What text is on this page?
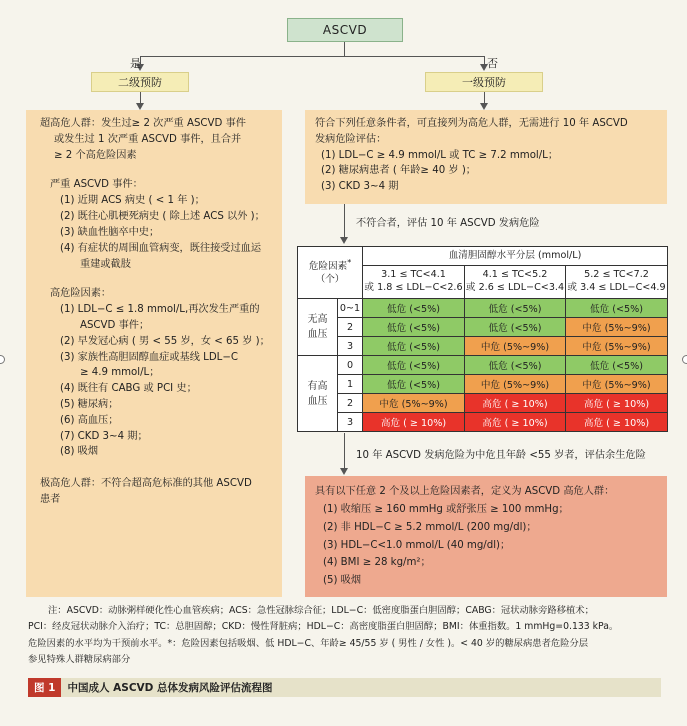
ASCVD
是	否
二级预防	一级预防

超高危人群：发生过≥ 2 次严重 ASCVD 事件

或发生过 1 次严重 ASCVD 事件，且合并

≥ 2 个高危险因素

严重 ASCVD 事件：

(1) 近期 ACS 病史 ( < 1 年 )；

(2) 既往心肌梗死病史 ( 除上述 ACS 以外 )；

(3) 缺血性脑卒中史；

(4) 有症状的周围血管病变，既往接受过血运

重建或截肢

高危险因素：

(1) LDL−C ≤ 1.8 mmol/L,再次发生严重的

ASCVD 事件；

(2) 早发冠心病 ( 男 < 55 岁，女 < 65 岁 )；

(3) 家族性高胆固醇血症或基线 LDL−C

≥ 4.9 mmol/L；

(4) 既往有 CABG 或 PCI 史；

(5) 糖尿病；

(6) 高血压；

(7) CKD 3~4 期；

(8) 吸烟

极高危人群：不符合超高危标准的其他 ASCVD

患者

符合下列任意条件者，可直接列为高危人群，无需进行 10 年 ASCVD

发病危险评估：

(1) LDL−C ≥ 4.9 mmol/L 或 TC ≥ 7.2 mmol/L；

(2) 糖尿病患者 ( 年龄≥ 40 岁 )；

(3) CKD 3~4 期

不符合者，评估 10 年 ASCVD 发病危险
危险因素*
（个）		血清胆固醇水平分层 (mmol/L)		
		3.1 ≤ TC<4.1
或 1.8 ≤ LDL−C<2.6	4.1 ≤ TC<5.2
或 2.6 ≤ LDL−C<3.4	5.2 ≤ TC<7.2
或 3.4 ≤ LDL−C<4.9

无高
血压	0~1	低危 (<5%)	低危 (<5%)	低危 (<5%)
	2	低危 (<5%)	低危 (<5%)	中危 (5%~9%)
	3	低危 (<5%)	中危 (5%~9%)	中危 (5%~9%)

有高
血压	0	低危 (<5%)	低危 (<5%)	低危 (<5%)
	1	低危 (<5%)	中危 (5%~9%)	中危 (5%~9%)
	2	中危 (5%~9%)	高危 ( ≥ 10%)	高危 ( ≥ 10%)
	3	高危 ( ≥ 10%)	高危 ( ≥ 10%)	高危 ( ≥ 10%)
10 年 ASCVD 发病危险为中危且年龄 <55 岁者，评估余生危险

具有以下任意 2 个及以上危险因素者，定义为 ASCVD 高危人群：

(1) 收缩压 ≥ 160 mmHg 或舒张压 ≥ 100 mmHg；

(2) 非 HDL−C ≥ 5.2 mmol/L (200 mg/dl)；

(3) HDL−C<1.0 mmol/L (40 mg/dl)；

(4) BMI ≥ 28 kg/m²；

(5) 吸烟

注：ASCVD：动脉粥样硬化性心血管疾病；ACS：急性冠脉综合征；LDL−C：低密度脂蛋白胆固醇；CABG：冠状动脉旁路移植术；

PCI：经皮冠状动脉介入治疗；TC：总胆固醇；CKD：慢性肾脏病；HDL−C：高密度脂蛋白胆固醇；BMI：体重指数。1 mmHg=0.133 kPa。

危险因素的水平均为干预前水平。*：危险因素包括吸烟、低 HDL−C、年龄≥ 45/55 岁 ( 男性 / 女性 )。< 40 岁的糖尿病患者危险分层

参见特殊人群糖尿病部分

图 1	中国成人 ASCVD 总体发病风险评估流程图
